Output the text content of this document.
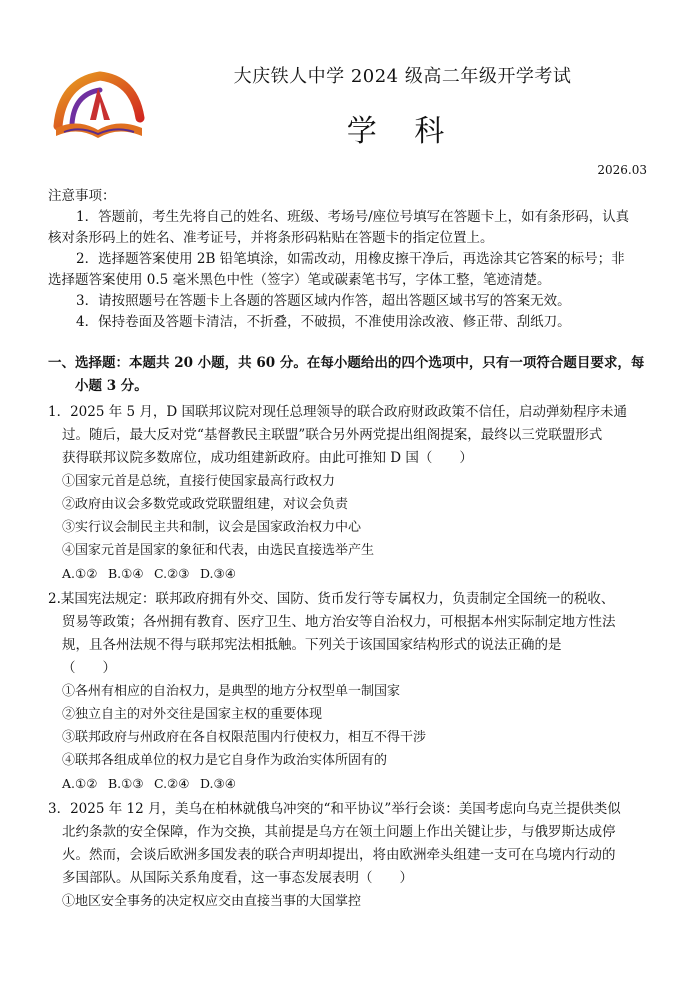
大庆铁人中学 2024 级高二年级开学考试
学 科
2026.03
注意事项：
1．答题前，考生先将自己的姓名、班级、考场号/座位号填写在答题卡上，如有条形码，认真
核对条形码上的姓名、准考证号，并将条形码粘贴在答题卡的指定位置上。
2．选择题答案使用 2B 铅笔填涂，如需改动，用橡皮擦干净后，再选涂其它答案的标号；非
选择题答案使用 0.5 毫米黑色中性（签字）笔或碳素笔书写，字体工整，笔迹清楚。
3．请按照题号在答题卡上各题的答题区域内作答，超出答题区域书写的答案无效。
4．保持卷面及答题卡清洁，不折叠，不破损，不准使用涂改液、修正带、刮纸刀。
一、选择题：本题共 20 小题，共 60 分。在每小题给出的四个选项中，只有一项符合题目要求，每
小题 3 分。
1．2025 年 5 月，D 国联邦议院对现任总理领导的联合政府财政政策不信任，启动弹劾程序未通
过。随后，最大反对党“基督教民主联盟”联合另外两党提出组阁提案，最终以三党联盟形式
获得联邦议院多数席位，成功组建新政府。由此可推知 D 国（　　）
①国家元首是总统，直接行使国家最高行政权力
②政府由议会多数党或政党联盟组建，对议会负责
③实行议会制民主共和制，议会是国家政治权力中心
④国家元首是国家的象征和代表，由选民直接选举产生
A.①② B.①④ C.②③ D.③④
2.某国宪法规定：联邦政府拥有外交、国防、货币发行等专属权力，负责制定全国统一的税收、
贸易等政策；各州拥有教育、医疗卫生、地方治安等自治权力，可根据本州实际制定地方性法
规，且各州法规不得与联邦宪法相抵触。下列关于该国国家结构形式的说法正确的是
（　　）
①各州有相应的自治权力，是典型的地方分权型单一制国家
②独立自主的对外交往是国家主权的重要体现
③联邦政府与州政府在各自权限范围内行使权力，相互不得干涉
④联邦各组成单位的权力是它自身作为政治实体所固有的
A.①② B.①③ C.②④ D.③④
3．2025 年 12 月，美乌在柏林就俄乌冲突的“和平协议”举行会谈：美国考虑向乌克兰提供类似
北约条款的安全保障，作为交换，其前提是乌方在领土问题上作出关键让步，与俄罗斯达成停
火。然而，会谈后欧洲多国发表的联合声明却提出，将由欧洲牵头组建一支可在乌境内行动的
多国部队。从国际关系角度看，这一事态发展表明（　　）
①地区安全事务的决定权应交由直接当事的大国掌控
